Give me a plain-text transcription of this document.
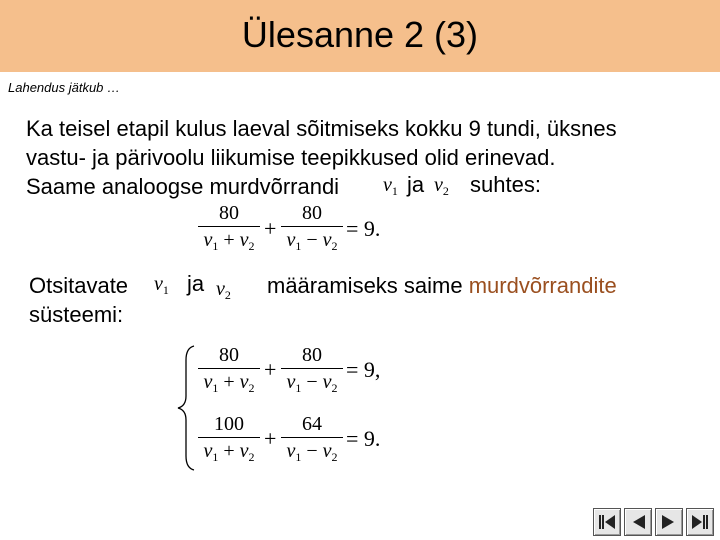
Ülesanne 2 (3)
Lahendus jätkub …
Ka teisel etapil kulus laeval sõitmiseks kokku 9 tundi, üksnes
vastu- ja pärivoolu liikumise teepikkused olid erinevad.
Saame analoogse murdvõrrandi	$v_1$ ja $v_2$ suhtes:
80
$v_1 + v_2$
+
80
$v_1 - v_2$
= 9.
Otsitavate $v_1$ ja $v_2$ määramiseks saime murdvõrrandite
süsteemi:
80
$v_1 + v_2$
+
80
$v_1 - v_2$
= 9,
100
$v_1 + v_2$
+
64
$v_1 - v_2$
= 9.
